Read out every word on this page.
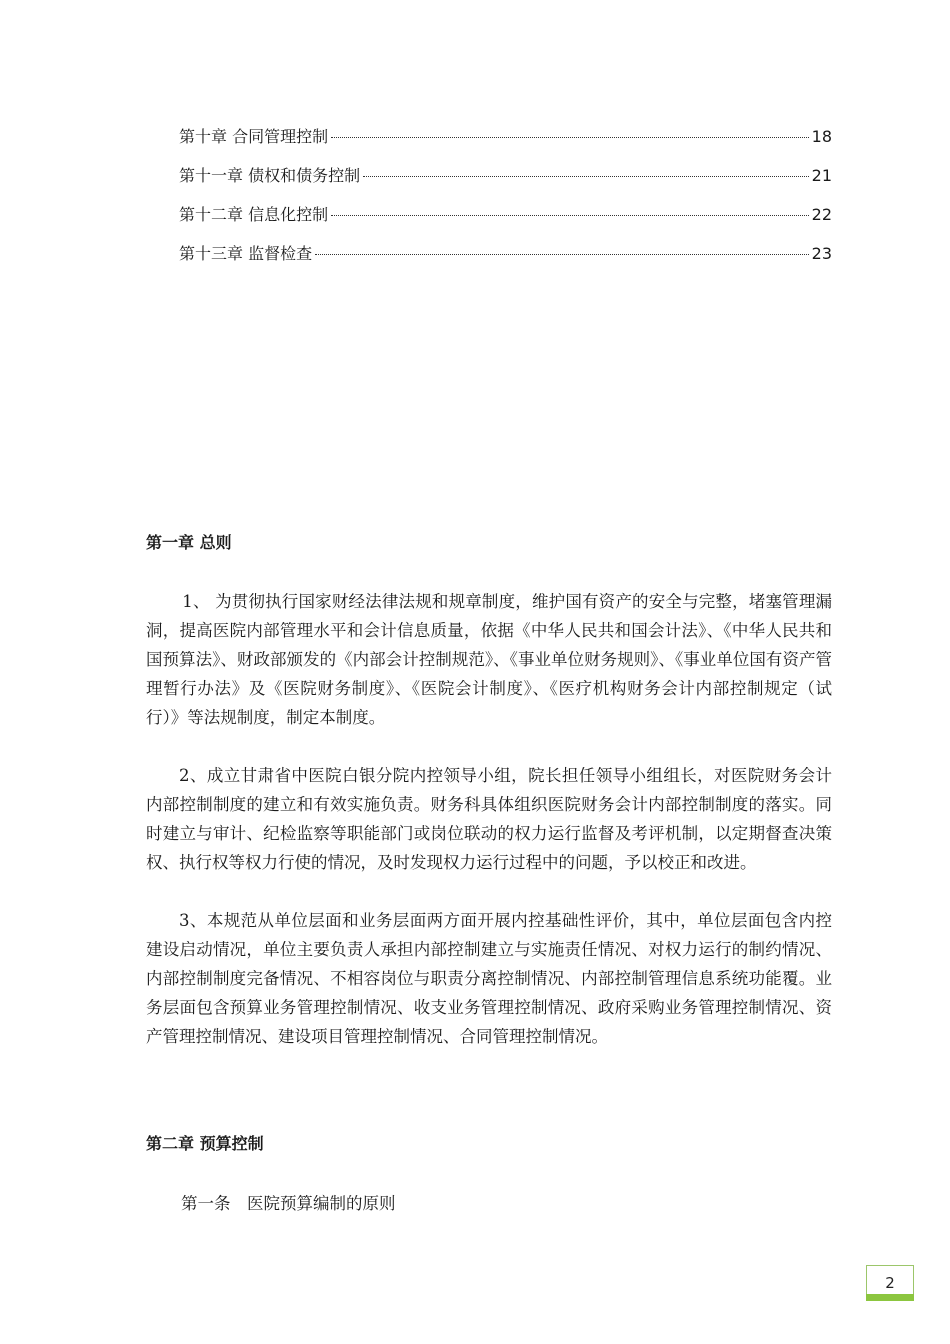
第十章 合同管理控制	18
第十一章 债权和债务控制	21
第十二章 信息化控制	22
第十三章 监督检查	23
第一章 总则

1、 为贯彻执行国家财经法律法规和规章制度，维护国有资产的安全与完整，堵塞管理漏洞，提高医院内部管理水平和会计信息质量，依据《中华人民共和国会计法》、《中华人民共和国预算法》、财政部颁发的《内部会计控制规范》、《事业单位财务规则》、《事业单位国有资产管理暂行办法》及《医院财务制度》、《医院会计制度》、《医疗机构财务会计内部控制规定（试行）》等法规制度，制定本制度。

2、成立甘肃省中医院白银分院内控领导小组，院长担任领导小组组长，对医院财务会计内部控制制度的建立和有效实施负责。财务科具体组织医院财务会计内部控制制度的落实。同时建立与审计、纪检监察等职能部门或岗位联动的权力运行监督及考评机制，以定期督查决策权、执行权等权力行使的情况，及时发现权力运行过程中的问题，予以校正和改进。

3、本规范从单位层面和业务层面两方面开展内控基础性评价，其中，单位层面包含内控建设启动情况，单位主要负责人承担内部控制建立与实施责任情况、对权力运行的制约情况、内部控制制度完备情况、不相容岗位与职责分离控制情况、内部控制管理信息系统功能覆。业务层面包含预算业务管理控制情况、收支业务管理控制情况、政府采购业务管理控制情况、资产管理控制情况、建设项目管理控制情况、合同管理控制情况。

第二章 预算控制
第一条　医院预算编制的原则
2
